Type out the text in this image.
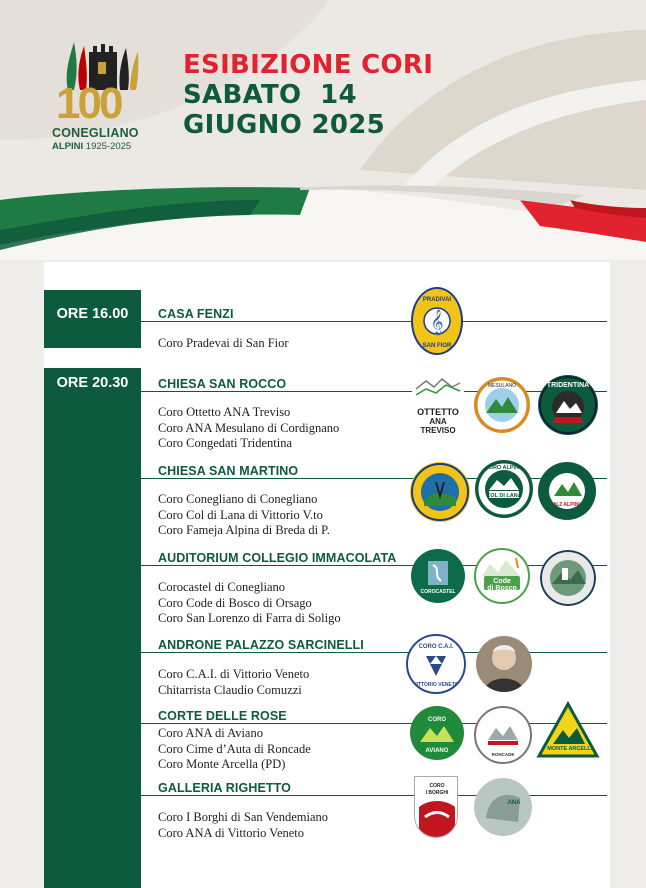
100
CONEGLIANO
ALPINI 1925-2025
ESIBIZIONE CORI
SABATO  14
GIUGNO 2025
ORE 16.00
ORE 20.30
CASA FENZI
Coro Pradevai di San Fior
𝄞
PRADIVAI
SAN FIOR
CHIESA SAN ROCCO
Coro Ottetto ANA Treviso
Coro ANA Mesulano di Cordignano
Coro Congedati Tridentina
OTTETTO
ANA
TREVISO
MESULANO	TRIDENTINA
CHIESA SAN MARTINO
Coro Conegliano di Conegliano
Coro Col di Lana di Vittorio V.to
Coro Fameja Alpina di Breda di P.
COL DI LANA
CORO ALPINO
N.Z ALPINI
AUDITORIUM COLLEGIO IMMACOLATA
Corocastel di Conegliano
Coro Code di Bosco di Orsago
Coro San Lorenzo di Farra di Soligo
COROCASTEL
Code
di Bosco
ANDRONE PALAZZO SARCINELLI
Coro C.A.I. di Vittorio Veneto
Chitarrista Claudio Comuzzi
CORO C.A.I.
VITTORIO VENETO
CORTE DELLE ROSE
Coro ANA di Aviano
Coro Cime d’Auta di Roncade
Coro Monte Arcella (PD)
CORO
AVIANO
RONCADE
MONTE ARCELLA
GALLERIA RIGHETTO
Coro I Borghi di San Vendemiano
Coro ANA di Vittorio Veneto
CORO
I BORGHI
ANA
